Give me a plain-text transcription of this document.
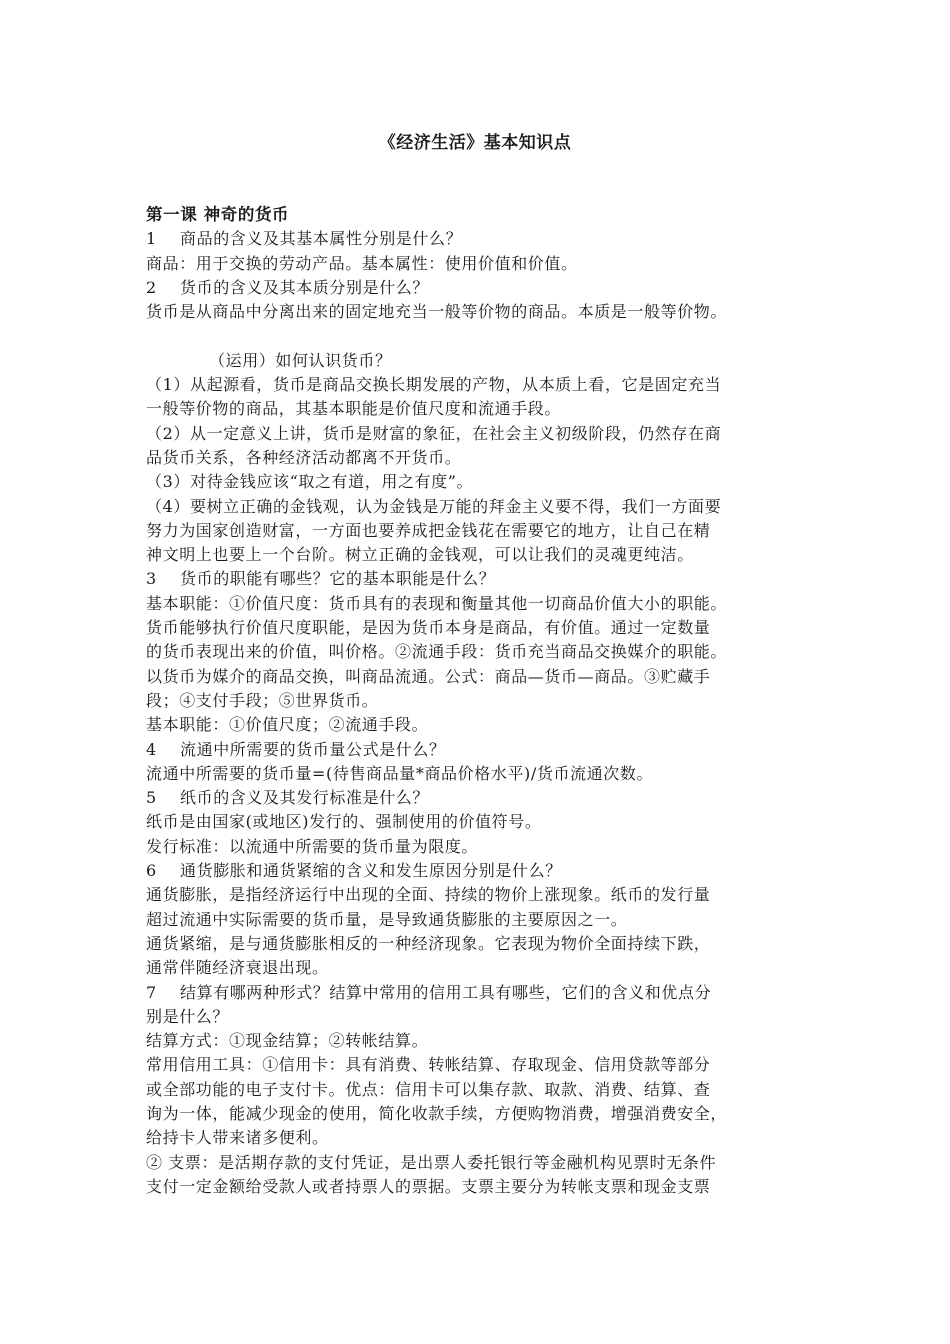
《经济生活》基本知识点
第一课 神奇的货币
1 商品的含义及其基本属性分别是什么？
商品：用于交换的劳动产品。基本属性：使用价值和价值。
2 货币的含义及其本质分别是什么？
货币是从商品中分离出来的固定地充当一般等价物的商品。本质是一般等价物。
（运用）如何认识货币？
（1）从起源看，货币是商品交换长期发展的产物，从本质上看，它是固定充当
一般等价物的商品，其基本职能是价值尺度和流通手段。
（2）从一定意义上讲，货币是财富的象征，在社会主义初级阶段，仍然存在商
品货币关系，各种经济活动都离不开货币。
（3）对待金钱应该“取之有道，用之有度”。
（4）要树立正确的金钱观，认为金钱是万能的拜金主义要不得，我们一方面要
努力为国家创造财富，一方面也要养成把金钱花在需要它的地方，让自己在精
神文明上也要上一个台阶。树立正确的金钱观，可以让我们的灵魂更纯洁。
3 货币的职能有哪些？它的基本职能是什么？
基本职能：①价值尺度：货币具有的表现和衡量其他一切商品价值大小的职能。
货币能够执行价值尺度职能，是因为货币本身是商品，有价值。通过一定数量
的货币表现出来的价值，叫价格。②流通手段：货币充当商品交换媒介的职能。
以货币为媒介的商品交换，叫商品流通。公式：商品—货币—商品。③贮藏手
段；④支付手段；⑤世界货币。
基本职能：①价值尺度；②流通手段。
4 流通中所需要的货币量公式是什么？
流通中所需要的货币量=(待售商品量*商品价格水平)/货币流通次数。
5 纸币的含义及其发行标准是什么？
纸币是由国家(或地区)发行的、强制使用的价值符号。
发行标准：以流通中所需要的货币量为限度。
6 通货膨胀和通货紧缩的含义和发生原因分别是什么？
通货膨胀，是指经济运行中出现的全面、持续的物价上涨现象。纸币的发行量
超过流通中实际需要的货币量，是导致通货膨胀的主要原因之一。
通货紧缩，是与通货膨胀相反的一种经济现象。它表现为物价全面持续下跌，
通常伴随经济衰退出现。
7 结算有哪两种形式？结算中常用的信用工具有哪些，它们的含义和优点分
别是什么？
结算方式：①现金结算；②转帐结算。
常用信用工具：①信用卡：具有消费、转帐结算、存取现金、信用贷款等部分
或全部功能的电子支付卡。优点：信用卡可以集存款、取款、消费、结算、查
询为一体，能减少现金的使用，简化收款手续，方便购物消费，增强消费安全，
给持卡人带来诸多便利。
② 支票：是活期存款的支付凭证，是出票人委托银行等金融机构见票时无条件
支付一定金额给受款人或者持票人的票据。支票主要分为转帐支票和现金支票
